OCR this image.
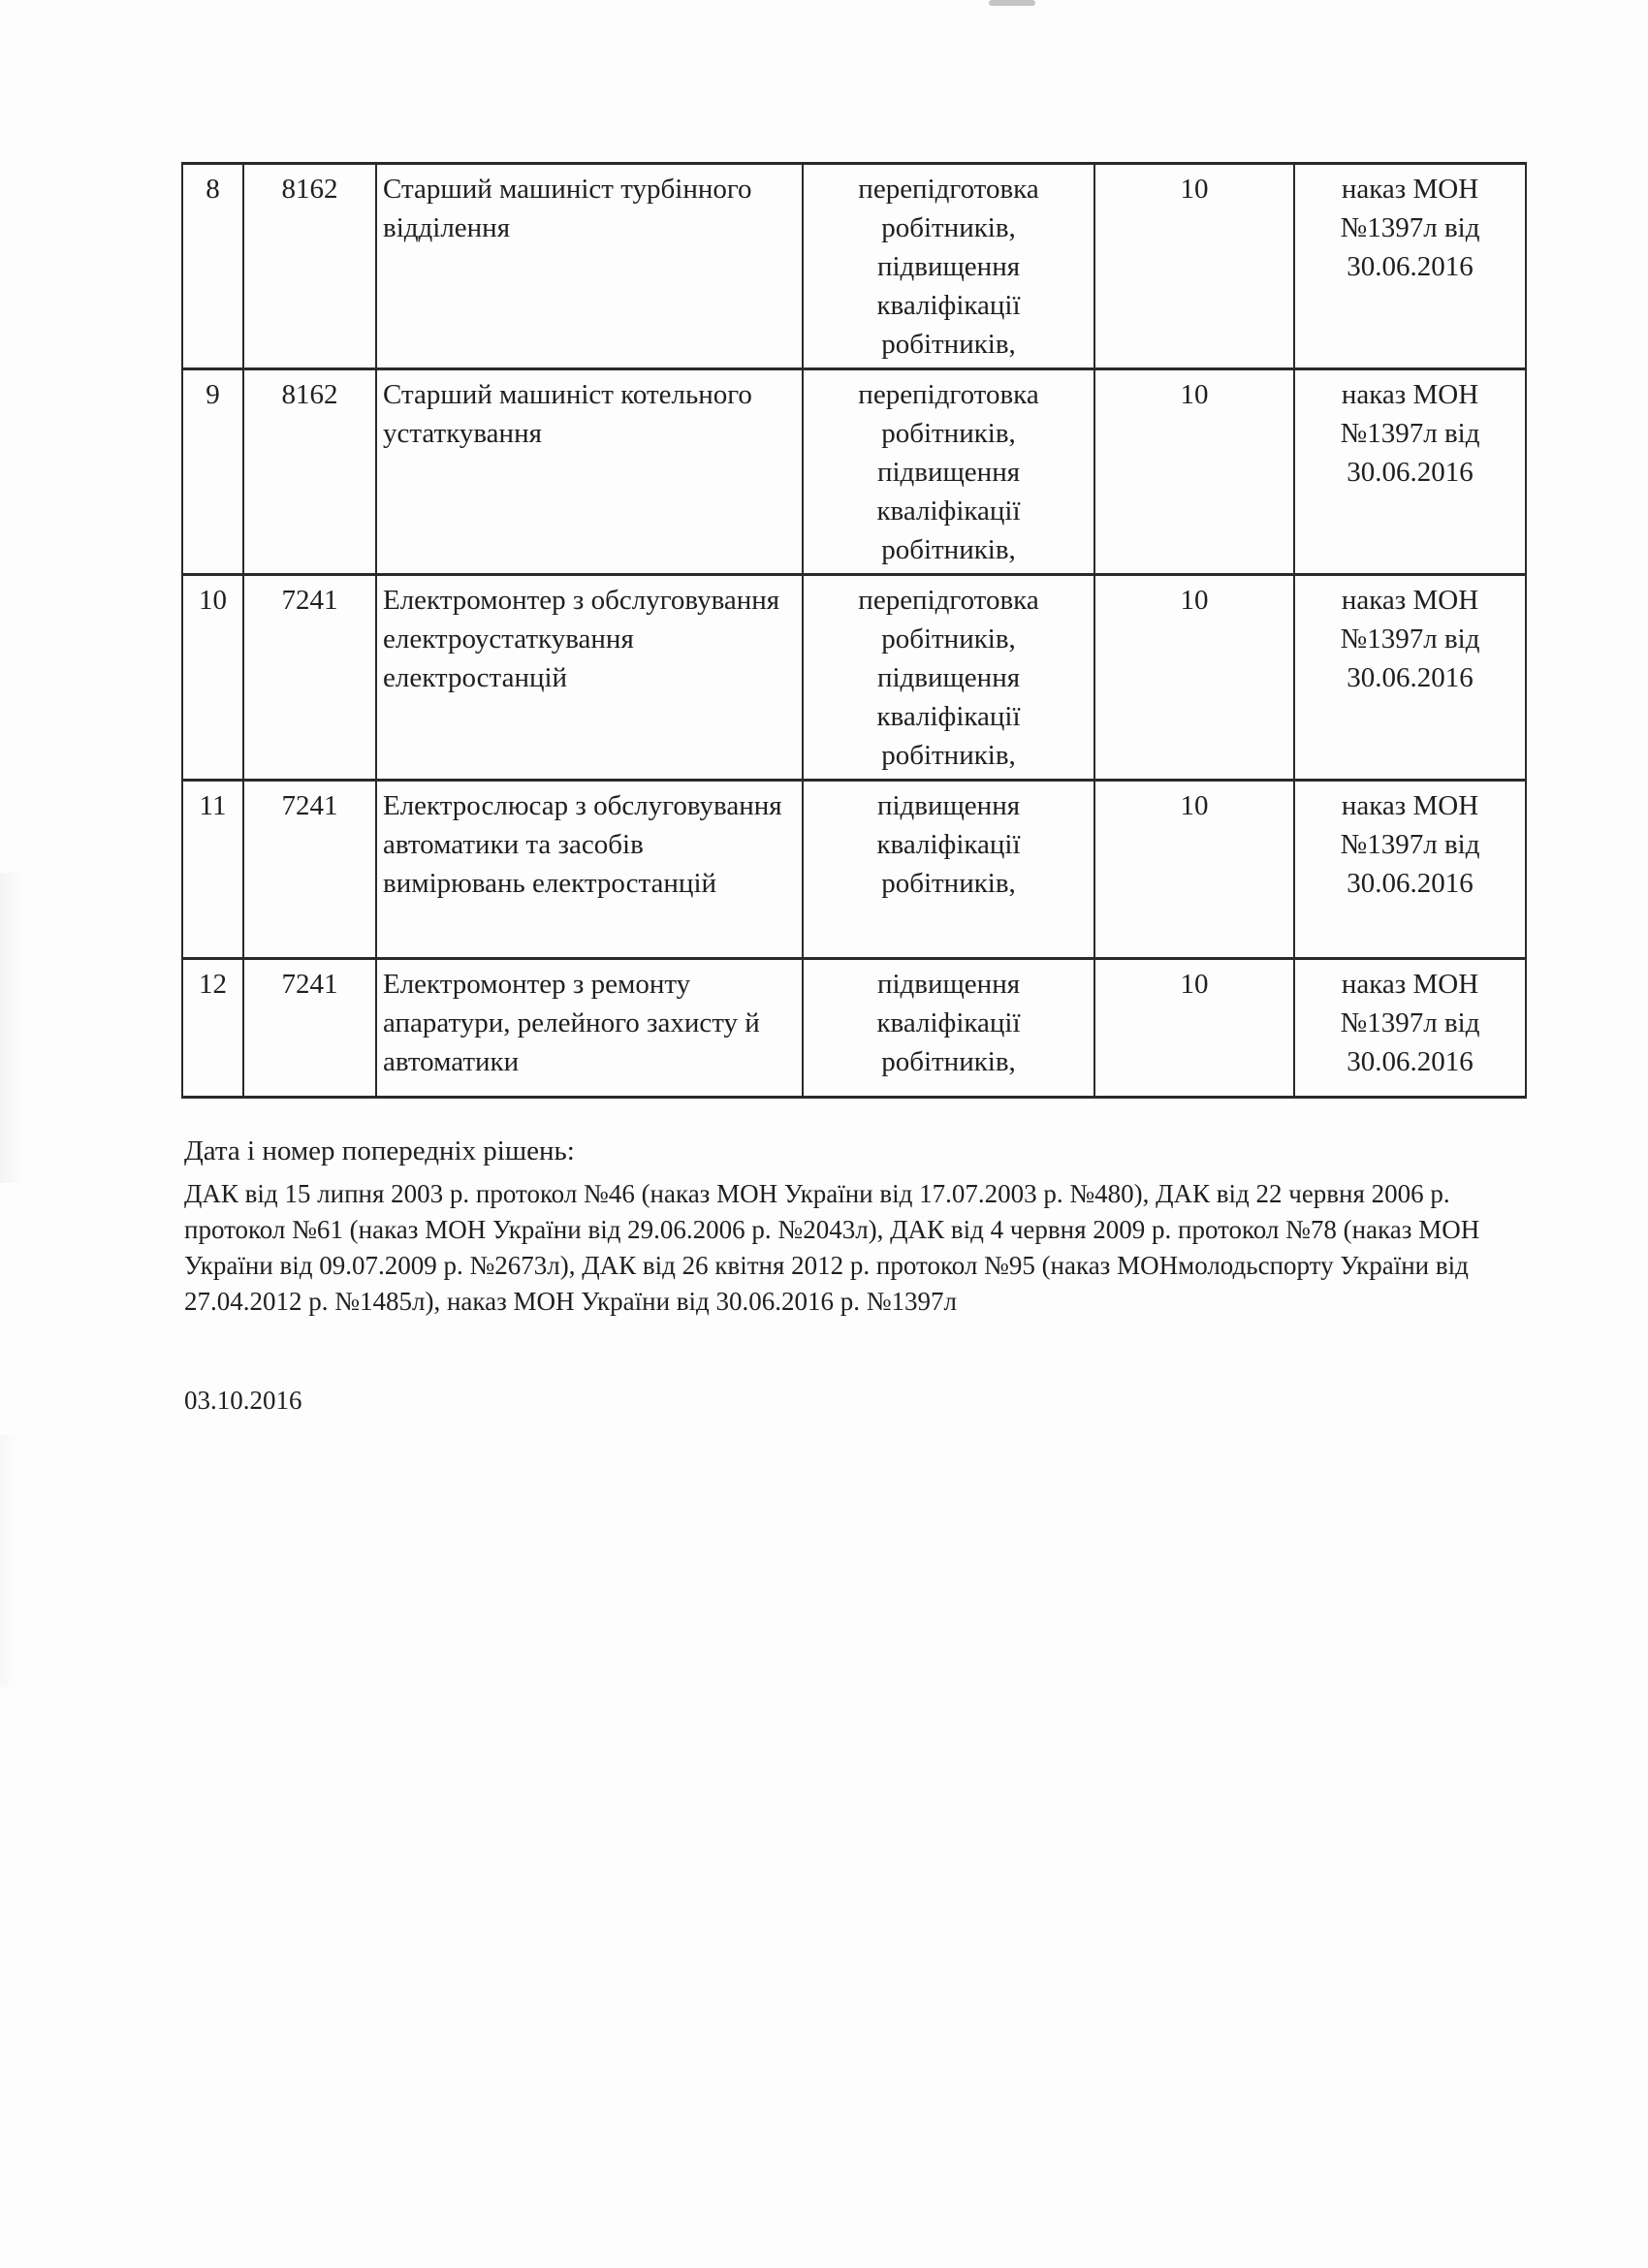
8	8162	Старший машиніст турбінного відділення	перепідготовка робітників, підвищення кваліфікації робітників,	10	наказ МОН №1397л від 30.06.2016
9	8162	Старший машиніст котельного устаткування	перепідготовка робітників, підвищення кваліфікації робітників,	10	наказ МОН №1397л від 30.06.2016
10	7241	Електромонтер з обслуговування електроустаткування електростанцій	перепідготовка робітників, підвищення кваліфікації робітників,	10	наказ МОН №1397л від 30.06.2016
11	7241	Електрослюсар з обслуговування автоматики та засобів вимірювань електростанцій	підвищення кваліфікації робітників,	10	наказ МОН №1397л від 30.06.2016
12	7241	Електромонтер з ремонту апаратури, релейного захисту й автоматики	підвищення кваліфікації робітників,	10	наказ МОН №1397л від 30.06.2016
Дата і номер попередніх рішень:
ДАК від 15 липня 2003 р. протокол №46 (наказ МОН України від 17.07.2003 р. №480), ДАК від 22 червня 2006 р. протокол №61 (наказ МОН України від 29.06.2006 р. №2043л), ДАК від 4 червня 2009 р. протокол №78 (наказ МОН України від 09.07.2009 р. №2673л), ДАК від 26 квітня 2012 р. протокол №95 (наказ МОНмолодьспорту України від 27.04.2012 р. №1485л), наказ МОН України від 30.06.2016 р. №1397л
03.10.2016
